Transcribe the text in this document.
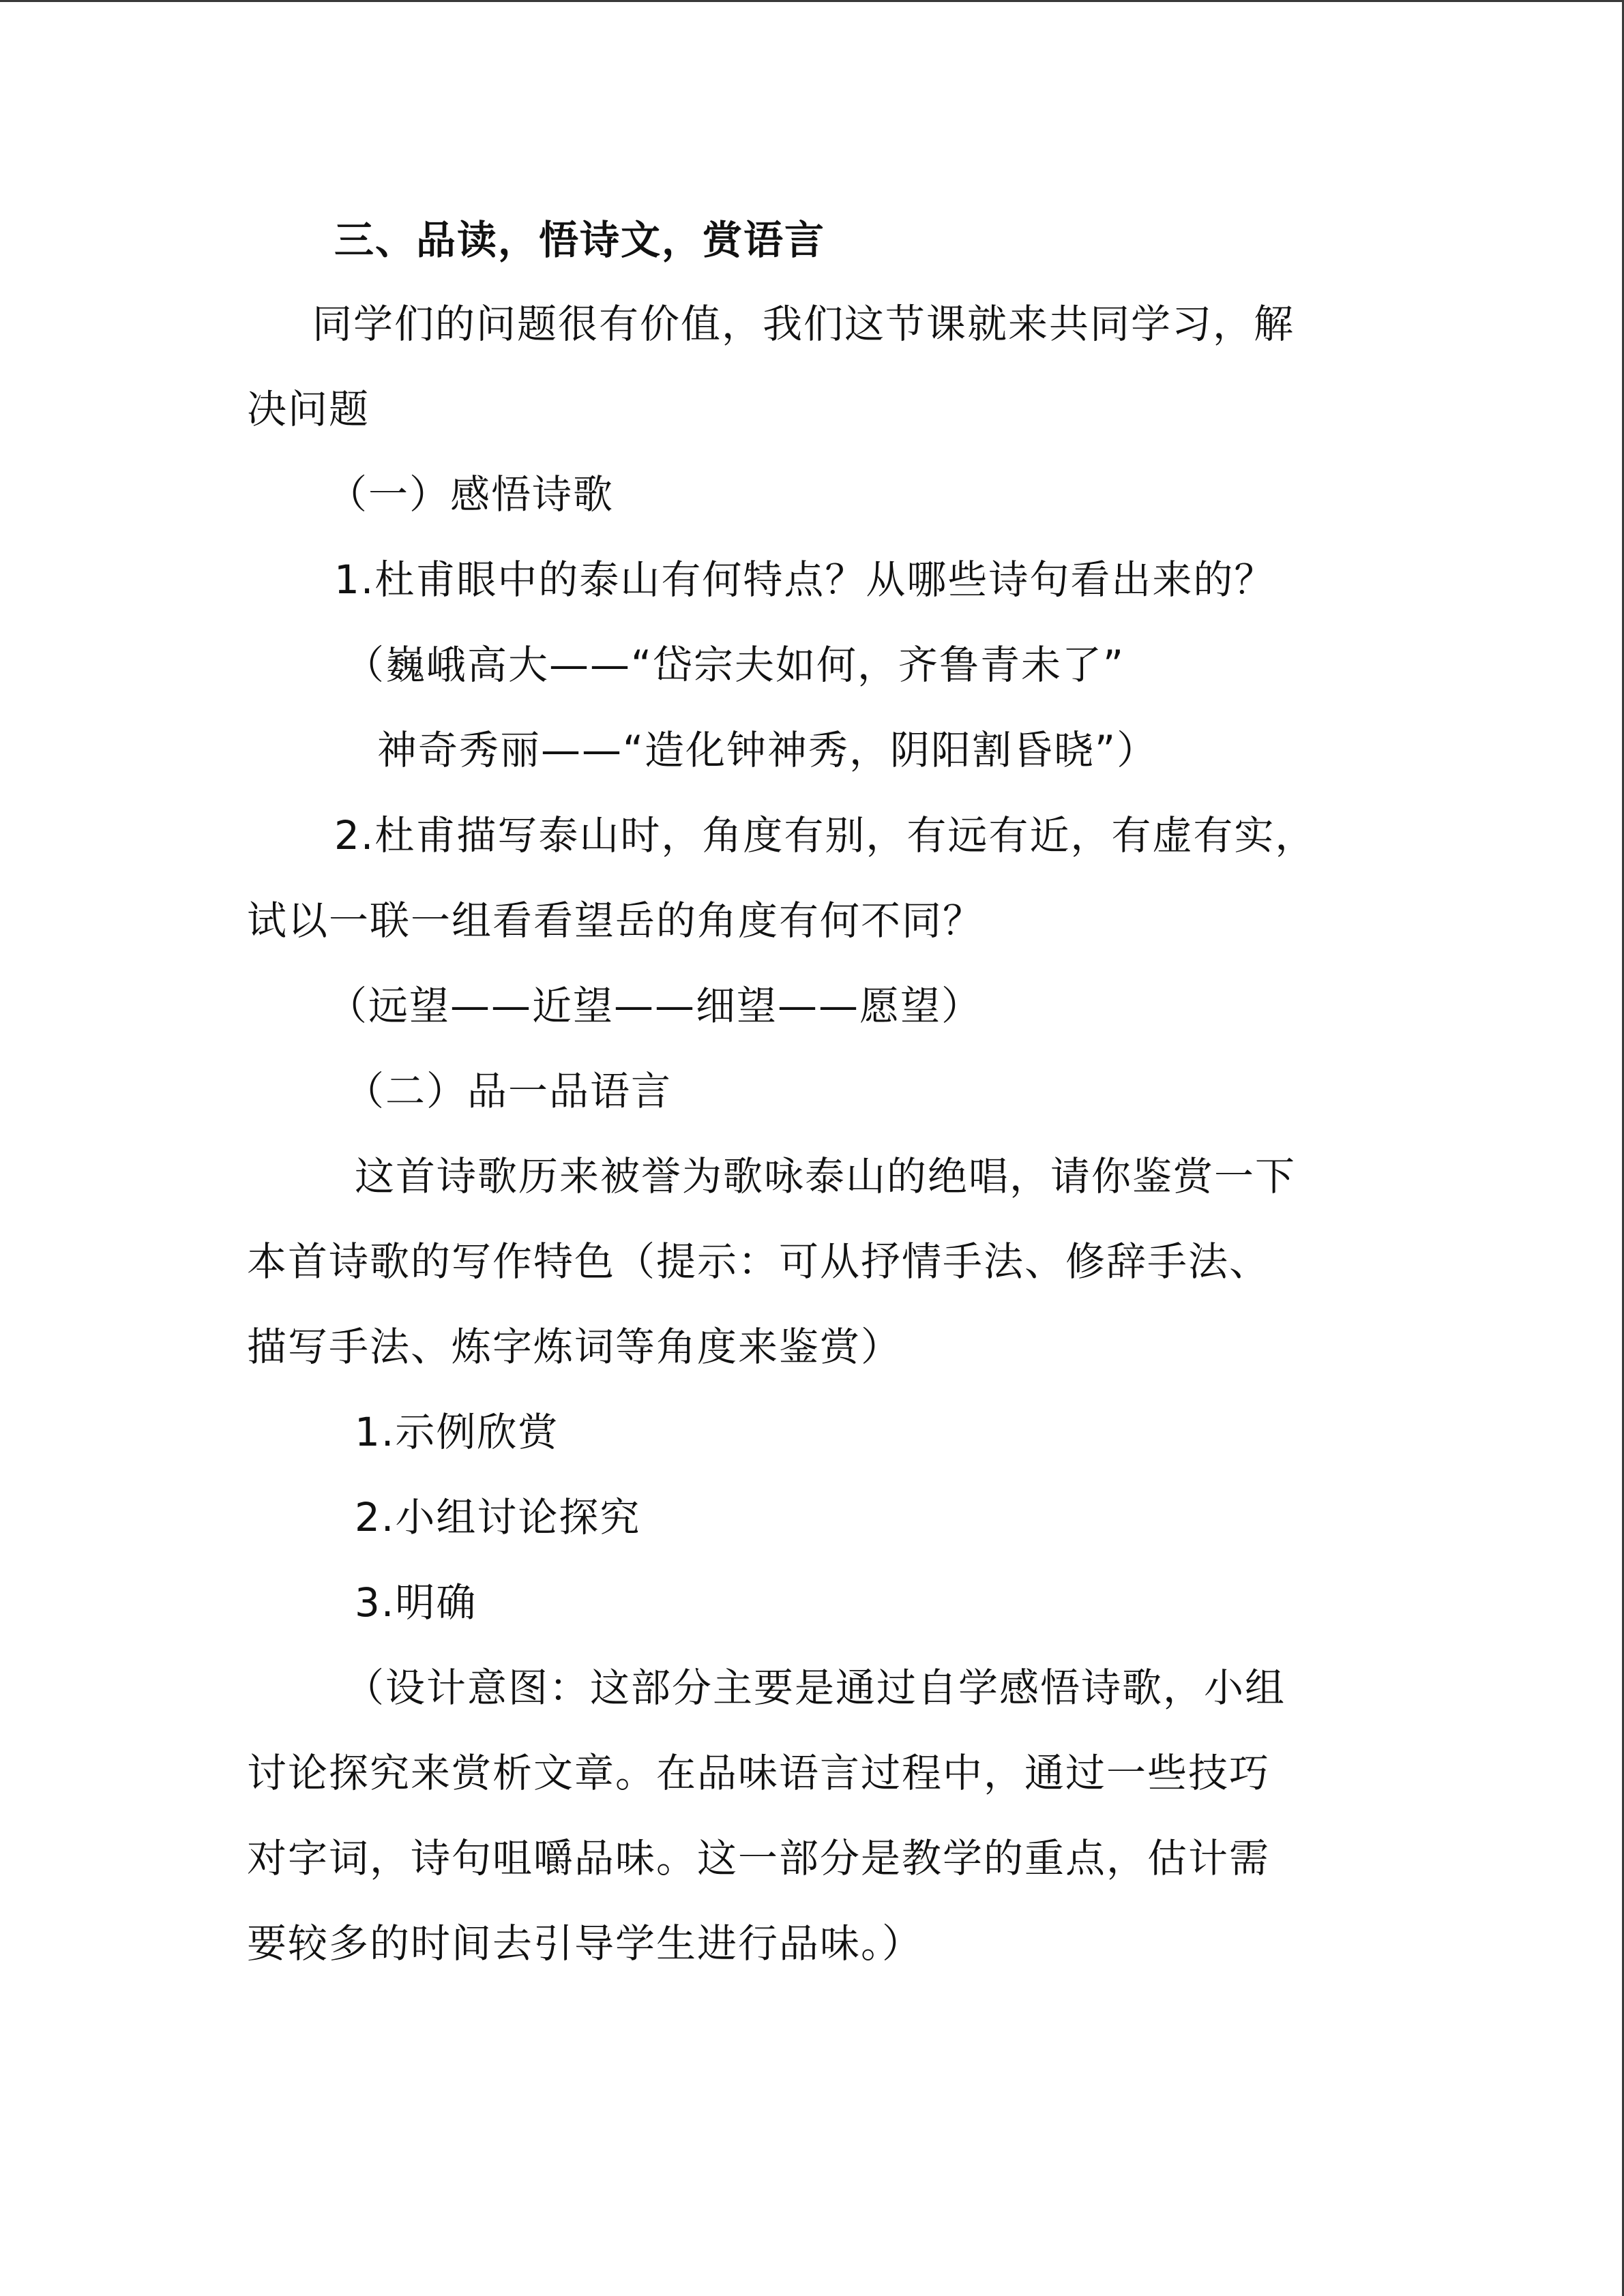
三、品读，悟诗文，赏语言
同学们的问题很有价值，我们这节课就来共同学习，解
决问题
（一）感悟诗歌
1.杜甫眼中的泰山有何特点？从哪些诗句看出来的？
（巍峨高大——“岱宗夫如何，齐鲁青未了”
神奇秀丽——“造化钟神秀，阴阳割昏晓”）
2.杜甫描写泰山时，角度有别，有远有近，有虚有实，
试以一联一组看看望岳的角度有何不同？
（远望——近望——细望——愿望）
（二）品一品语言
这首诗歌历来被誉为歌咏泰山的绝唱，请你鉴赏一下
本首诗歌的写作特色（提示：可从抒情手法、修辞手法、
描写手法、炼字炼词等角度来鉴赏）
1.示例欣赏
2.小组讨论探究
3.明确
（设计意图：这部分主要是通过自学感悟诗歌，小组
讨论探究来赏析文章。在品味语言过程中，通过一些技巧
对字词，诗句咀嚼品味。这一部分是教学的重点，估计需
要较多的时间去引导学生进行品味。）
